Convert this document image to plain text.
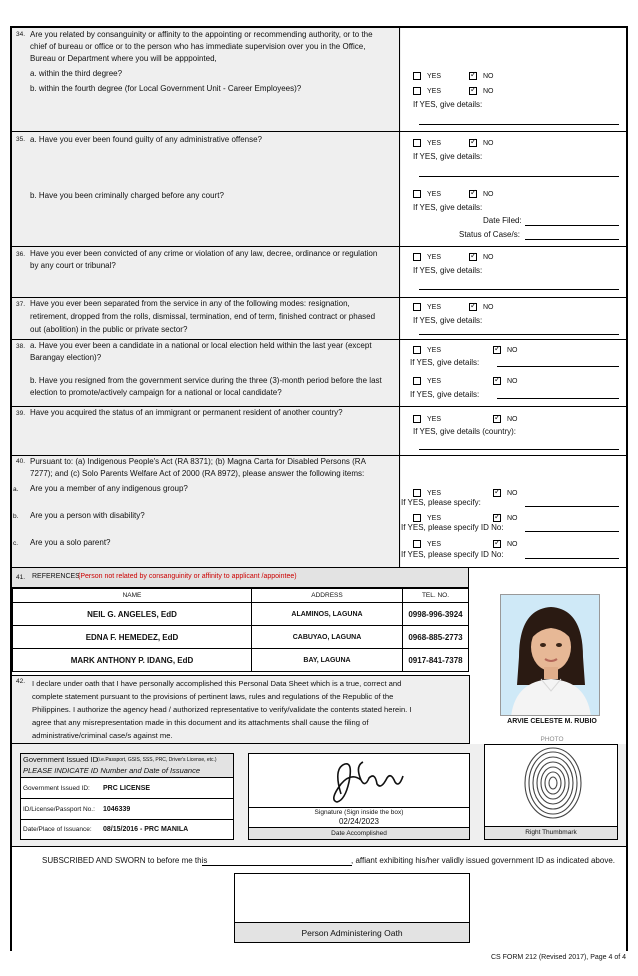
34. Are you related by consanguinity or affinity to the appointing or recommending authority, or to the
chief of bureau or office or to the person who has immediate supervision over you in the Office,
Bureau or Department where you will be apppointed,
a. within the third degree?
b. within the fourth degree (for Local Government Unit - Career Employees)?
YES ✓	NO
YES ✓	NO
If YES, give details:
35. a. Have you ever been found guilty of any administrative offense?
b. Have you been criminally charged before any court?
YES ✓	NO
If YES, give details:
YES ✓	NO
If YES, give details:
Date Filed:
Status of Case/s:
36. Have you ever been convicted of any crime or violation of any law, decree, ordinance or regulation
by any court or tribunal?
YES ✓	NO
If YES, give details:
37. Have you ever been separated from the service in any of the following modes: resignation,
retirement, dropped from the rolls, dismissal, termination, end of term, finished contract or phased
out (abolition) in the public or private sector?
YES ✓	NO
If YES, give details:
38. a. Have you ever been a candidate in a national or local election held within the last year (except
Barangay election)?
b. Have you resigned from the government service during the three (3)-month period before the last
election to promote/actively campaign for a national or local candidate?
YES ✓	NO
If YES, give details:
YES ✓	NO
If YES, give details:
39. Have you acquired the status of an immigrant or permanent resident of another country?
YES ✓	NO
If YES, give details (country):
40. Pursuant to: (a) Indigenous People's Act (RA 8371); (b) Magna Carta for Disabled Persons (RA
7277); and (c) Solo Parents Welfare Act of 2000 (RA 8972), please answer the following items:
a. Are you a member of any indigenous group?
b. Are you a person with disability?
c. Are you a solo parent?
YES ✓	NO
If YES, please specify:
YES ✓	NO
If YES, please specify ID No:
YES ✓	NO
If YES, please specify ID No:
41. REFERENCES
(Person not related by consanguinity or affinity to applicant /appointee)
NAME	ADDRESS	TEL. NO.
NEIL G. ANGELES, EdD	ALAMINOS, LAGUNA	0998-996-3924
EDNA F. HEMEDEZ, EdD	CABUYAO, LAGUNA	0968-885-2773
MARK ANTHONY P. IDANG, EdD	BAY, LAGUNA	0917-841-7378
ARVIE CELESTE M. RUBIO
PHOTO
42. I declare under oath that I have personally accomplished this Personal Data Sheet which is a true, correct and
complete statement pursuant to the provisions of pertinent laws, rules and regulations of the Republic of the
Philippines. I authorize the agency head / authorized representative to verify/validate the contents stated herein. I
agree that any misrepresentation made in this document and its attachments shall cause the filing of
administrative/criminal case/s against me.
Government Issued ID
(i.e.Passport, GSIS, SSS, PRC, Driver's License, etc.)
PLEASE INDICATE ID Number and Date of Issuance
Government Issued ID: PRC LICENSE
ID/License/Passport No.: 1046339
Date/Place of Issuance: 08/15/2016 - PRC MANILA
Signature (Sign inside the box)
02/24/2023
Date Accomplished	Right Thumbmark
SUBSCRIBED AND SWORN to before me this	, affiant exhibiting his/her validly issued government ID as indicated above.
Person Administering Oath
CS FORM 212 (Revised 2017), Page 4 of 4
